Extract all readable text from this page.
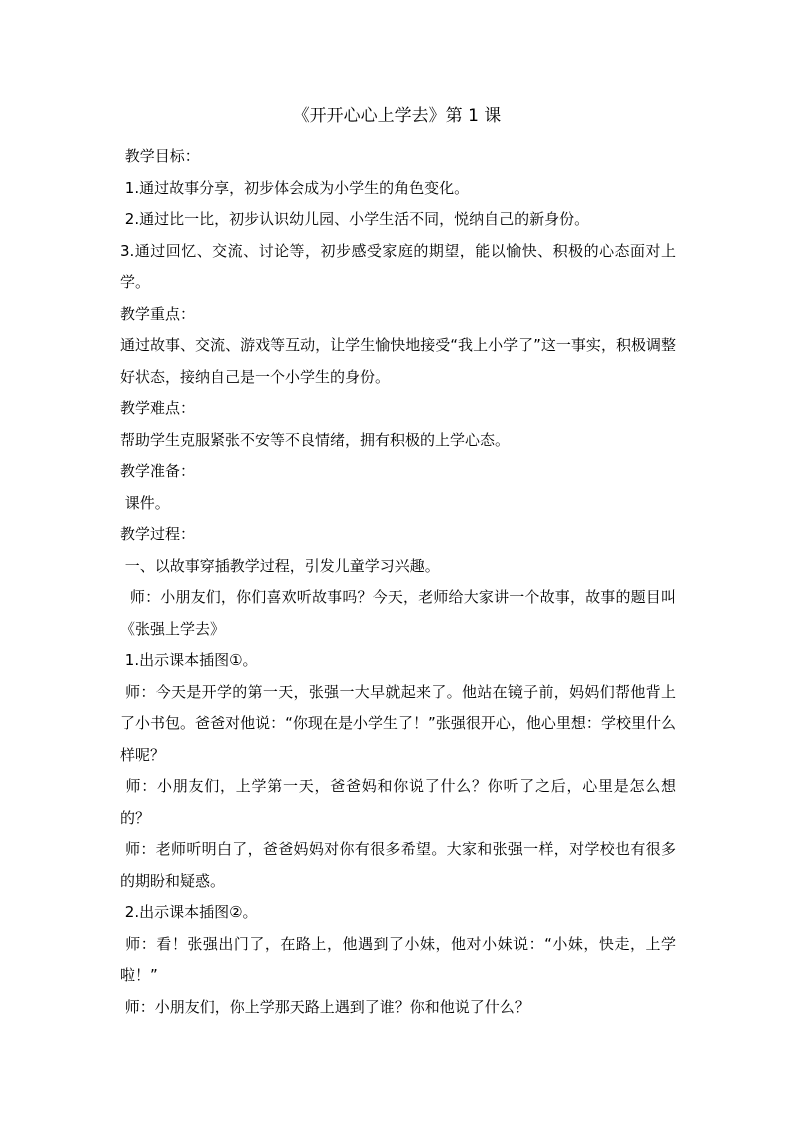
《开开心心上学去》第 1 课

教学目标：

1.通过故事分享，初步体会成为小学生的角色变化。

2.通过比一比，初步认识幼儿园、小学生活不同，悦纳自己的新身份。

3.通过回忆、交流、讨论等，初步感受家庭的期望，能以愉快、积极的心态面对上学。

教学重点：

通过故事、交流、游戏等互动，让学生愉快地接受“我上小学了”这一事实，积极调整好状态，接纳自己是一个小学生的身份。

教学难点：

帮助学生克服紧张不安等不良情绪，拥有积极的上学心态。

教学准备：

课件。

教学过程：

一、以故事穿插教学过程，引发儿童学习兴趣。

师：小朋友们，你们喜欢听故事吗？今天，老师给大家讲一个故事，故事的题目叫《张强上学去》

1.出示课本插图①。

师：今天是开学的第一天，张强一大早就起来了。他站在镜子前，妈妈们帮他背上了小书包。爸爸对他说：“你现在是小学生了！”张强很开心，他心里想：学校里什么样呢？

师：小朋友们，上学第一天，爸爸妈和你说了什么？你听了之后，心里是怎么想的？

师：老师听明白了，爸爸妈妈对你有很多希望。大家和张强一样，对学校也有很多的期盼和疑惑。

2.出示课本插图②。

师：看！张强出门了，在路上，他遇到了小妹，他对小妹说：“小妹，快走，上学啦！”

师：小朋友们，你上学那天路上遇到了谁？你和他说了什么？
